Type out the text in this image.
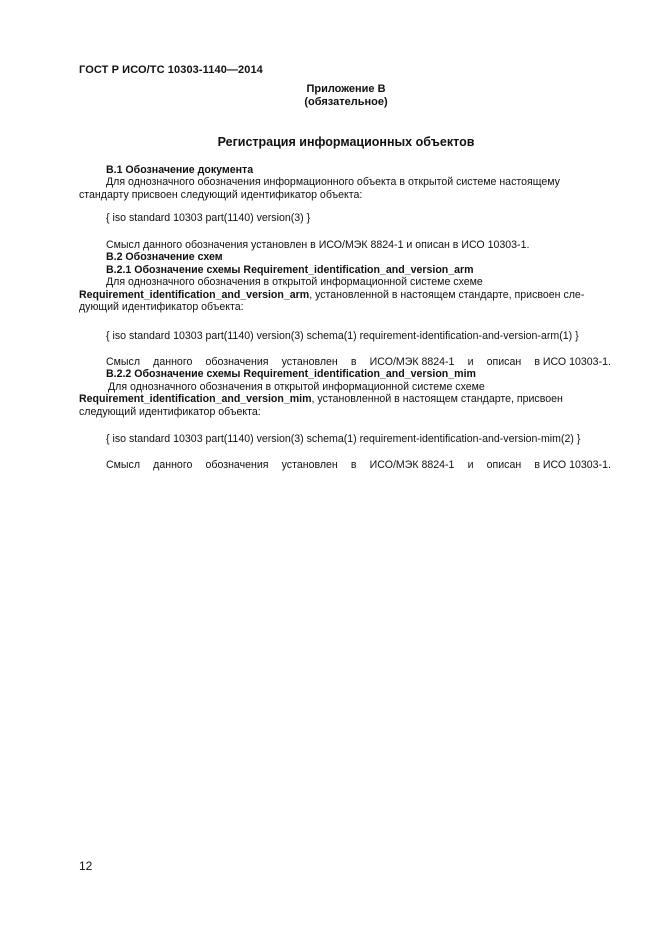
ГОСТ Р ИСО/ТС 10303-1140—2014
Приложение В
(обязательное)
Регистрация информационных объектов
В.1 Обозначение документа
Для однозначного обозначения информационного объекта в открытой системе настоящему
стандарту присвоен следующий идентификатор объекта:
{ iso standard 10303 part(1140) version(3) }
Смысл данного обозначения установлен в ИСО/МЭК 8824-1 и описан в ИСО 10303-1.
В.2 Обозначение схем
В.2.1 Обозначение схемы Requirement_identification_and_version_arm
Для однозначного обозначения в открытой информационной системе схеме
Requirement_identification_and_version_arm, установленной в настоящем стандарте, присвоен сле-
дующий идентификатор объекта:
{ iso standard 10303 part(1140) version(3) schema(1) requirement-identification-and-version-arm(1) }
Смысл данного обозначения установлен в ИСО/МЭК 8824-1 и описан в ИСО 10303-1.
В.2.2 Обозначение схемы Requirement_identification_and_version_mim
Для однозначного обозначения в открытой информационной системе схеме
Requirement_identification_and_version_mim, установленной в настоящем стандарте, присвоен
следующий идентификатор объекта:
{ iso standard 10303 part(1140) version(3) schema(1) requirement-identification-and-version-mim(2) }
Смысл данного обозначения установлен в ИСО/МЭК 8824-1 и описан в ИСО 10303-1.
12
